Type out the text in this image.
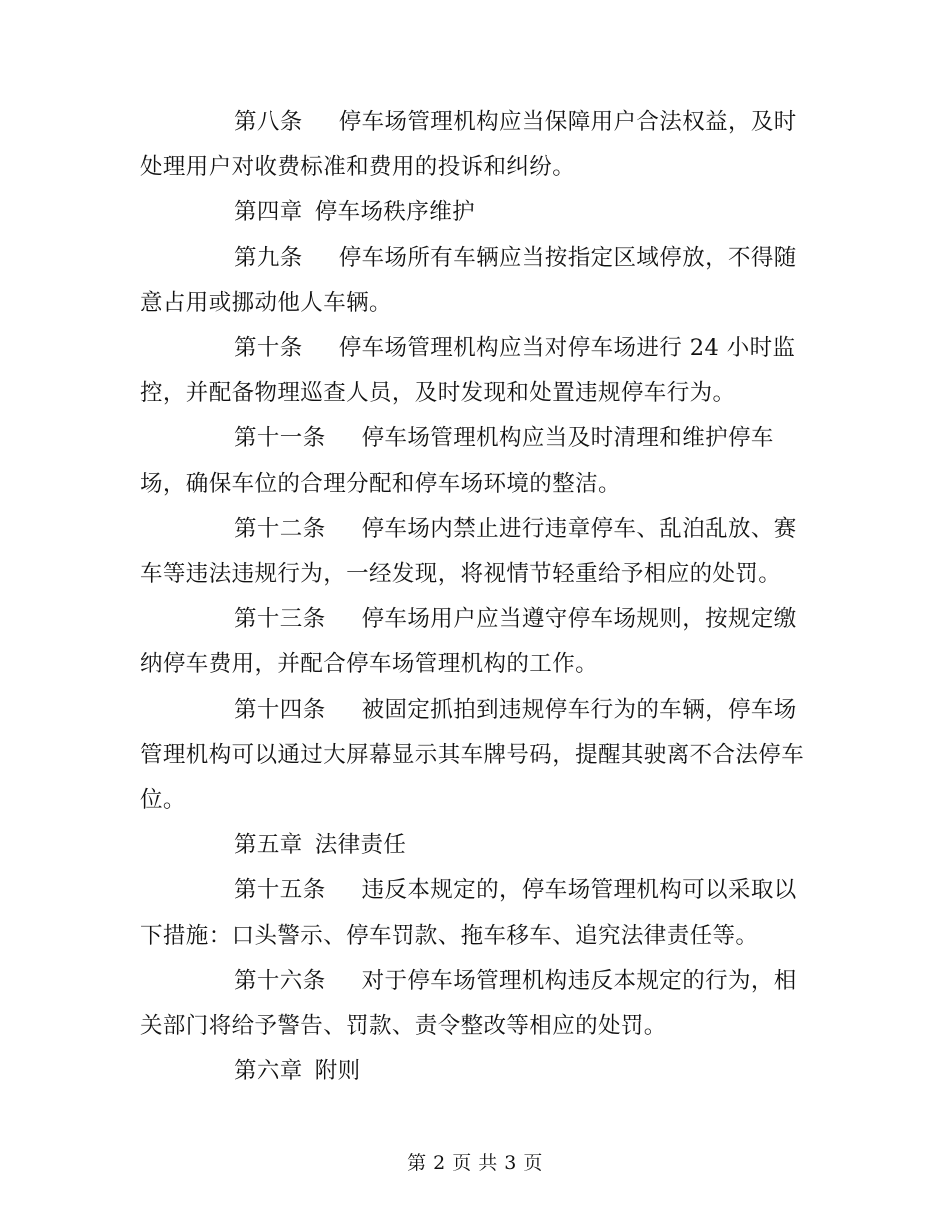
第八条 停车场管理机构应当保障用户合法权益，及时处理用户对收费标准和费用的投诉和纠纷。

第四章 停车场秩序维护

第九条 停车场所有车辆应当按指定区域停放，不得随意占用或挪动他人车辆。

第十条 停车场管理机构应当对停车场进行 24 小时监控，并配备物理巡查人员，及时发现和处置违规停车行为。

第十一条 停车场管理机构应当及时清理和维护停车场，确保车位的合理分配和停车场环境的整洁。

第十二条 停车场内禁止进行违章停车、乱泊乱放、赛车等违法违规行为，一经发现，将视情节轻重给予相应的处罚。

第十三条 停车场用户应当遵守停车场规则，按规定缴纳停车费用，并配合停车场管理机构的工作。

第十四条 被固定抓拍到违规停车行为的车辆，停车场管理机构可以通过大屏幕显示其车牌号码，提醒其驶离不合法停车位。

第五章 法律责任

第十五条 违反本规定的，停车场管理机构可以采取以下措施：口头警示、停车罚款、拖车移车、追究法律责任等。

第十六条 对于停车场管理机构违反本规定的行为，相关部门将给予警告、罚款、责令整改等相应的处罚。

第六章 附则

第 2 页 共 3 页
